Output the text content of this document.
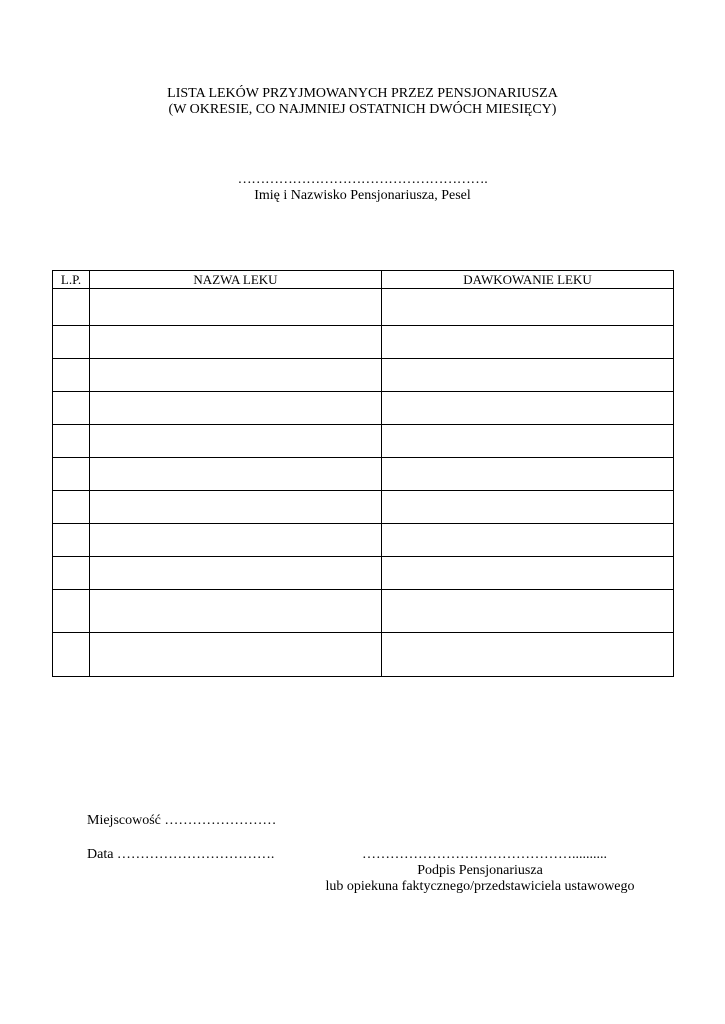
LISTA LEKÓW PRZYJMOWANYCH PRZEZ PENSJONARIUSZA
(W OKRESIE, CO NAJMNIEJ OSTATNICH DWÓCH MIESIĘCY)
……………………………………………….
Imię i Nazwisko Pensjonariusza, Pesel
L.P.	NAZWA LEKU	DAWKOWANIE LEKU

Miejscowość ……………………
Data …………………………….	………………………………………..........
Podpis Pensjonariusza
lub opiekuna faktycznego/przedstawiciela ustawowego
